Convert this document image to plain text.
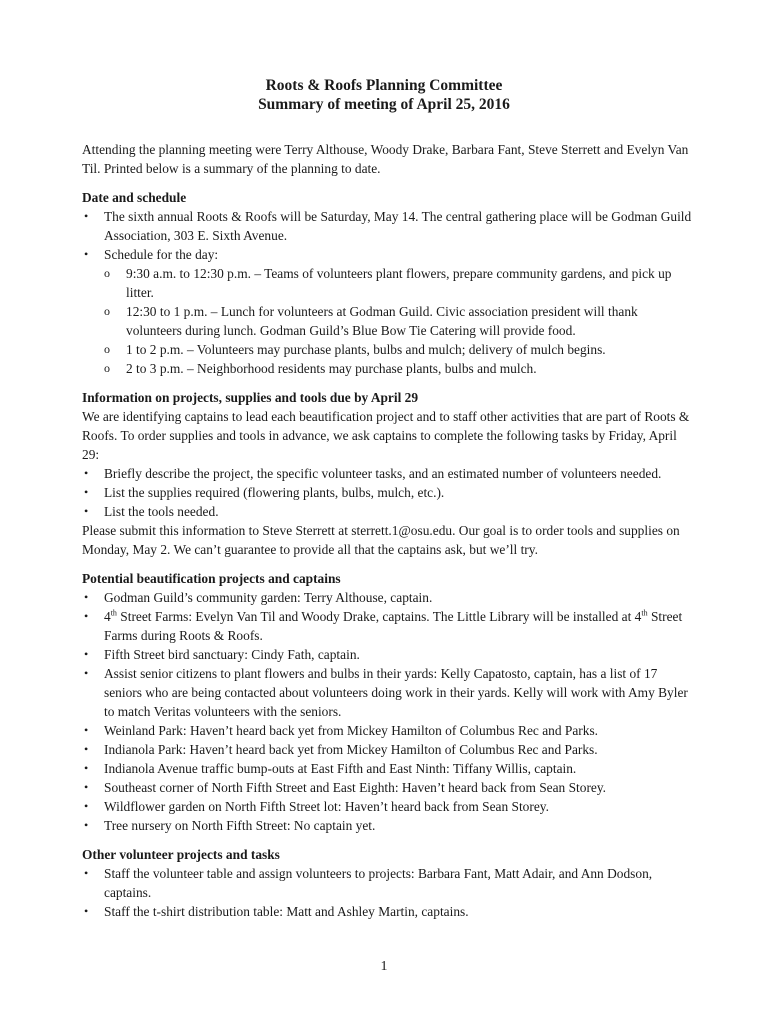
Roots & Roofs Planning Committee
Summary of meeting of April 25, 2016
Attending the planning meeting were Terry Althouse, Woody Drake, Barbara Fant, Steve Sterrett and Evelyn Van Til. Printed below is a summary of the planning to date.
Date and schedule
• The sixth annual Roots & Roofs will be Saturday, May 14. The central gathering place will be Godman Guild Association, 303 E. Sixth Avenue.
• Schedule for the day:
o 9:30 a.m. to 12:30 p.m. – Teams of volunteers plant flowers, prepare community gardens, and pick up litter.
o 12:30 to 1 p.m. – Lunch for volunteers at Godman Guild. Civic association president will thank volunteers during lunch. Godman Guild’s Blue Bow Tie Catering will provide food.
o 1 to 2 p.m. – Volunteers may purchase plants, bulbs and mulch; delivery of mulch begins.
o 2 to 3 p.m. – Neighborhood residents may purchase plants, bulbs and mulch.
Information on projects, supplies and tools due by April 29
We are identifying captains to lead each beautification project and to staff other activities that are part of Roots & Roofs. To order supplies and tools in advance, we ask captains to complete the following tasks by Friday, April 29:
• Briefly describe the project, the specific volunteer tasks, and an estimated number of volunteers needed.
• List the supplies required (flowering plants, bulbs, mulch, etc.).
• List the tools needed.
Please submit this information to Steve Sterrett at sterrett.1@osu.edu. Our goal is to order tools and supplies on Monday, May 2. We can’t guarantee to provide all that the captains ask, but we’ll try.
Potential beautification projects and captains
• Godman Guild’s community garden: Terry Althouse, captain.
• 4th Street Farms: Evelyn Van Til and Woody Drake, captains. The Little Library will be installed at 4th Street Farms during Roots & Roofs.
• Fifth Street bird sanctuary: Cindy Fath, captain.
• Assist senior citizens to plant flowers and bulbs in their yards: Kelly Capatosto, captain, has a list of 17 seniors who are being contacted about volunteers doing work in their yards. Kelly will work with Amy Byler to match Veritas volunteers with the seniors.
• Weinland Park: Haven’t heard back yet from Mickey Hamilton of Columbus Rec and Parks.
• Indianola Park: Haven’t heard back yet from Mickey Hamilton of Columbus Rec and Parks.
• Indianola Avenue traffic bump-outs at East Fifth and East Ninth: Tiffany Willis, captain.
• Southeast corner of North Fifth Street and East Eighth: Haven’t heard back from Sean Storey.
• Wildflower garden on North Fifth Street lot: Haven’t heard back from Sean Storey.
• Tree nursery on North Fifth Street: No captain yet.
Other volunteer projects and tasks
• Staff the volunteer table and assign volunteers to projects: Barbara Fant, Matt Adair, and Ann Dodson, captains.
• Staff the t-shirt distribution table: Matt and Ashley Martin, captains.
1
